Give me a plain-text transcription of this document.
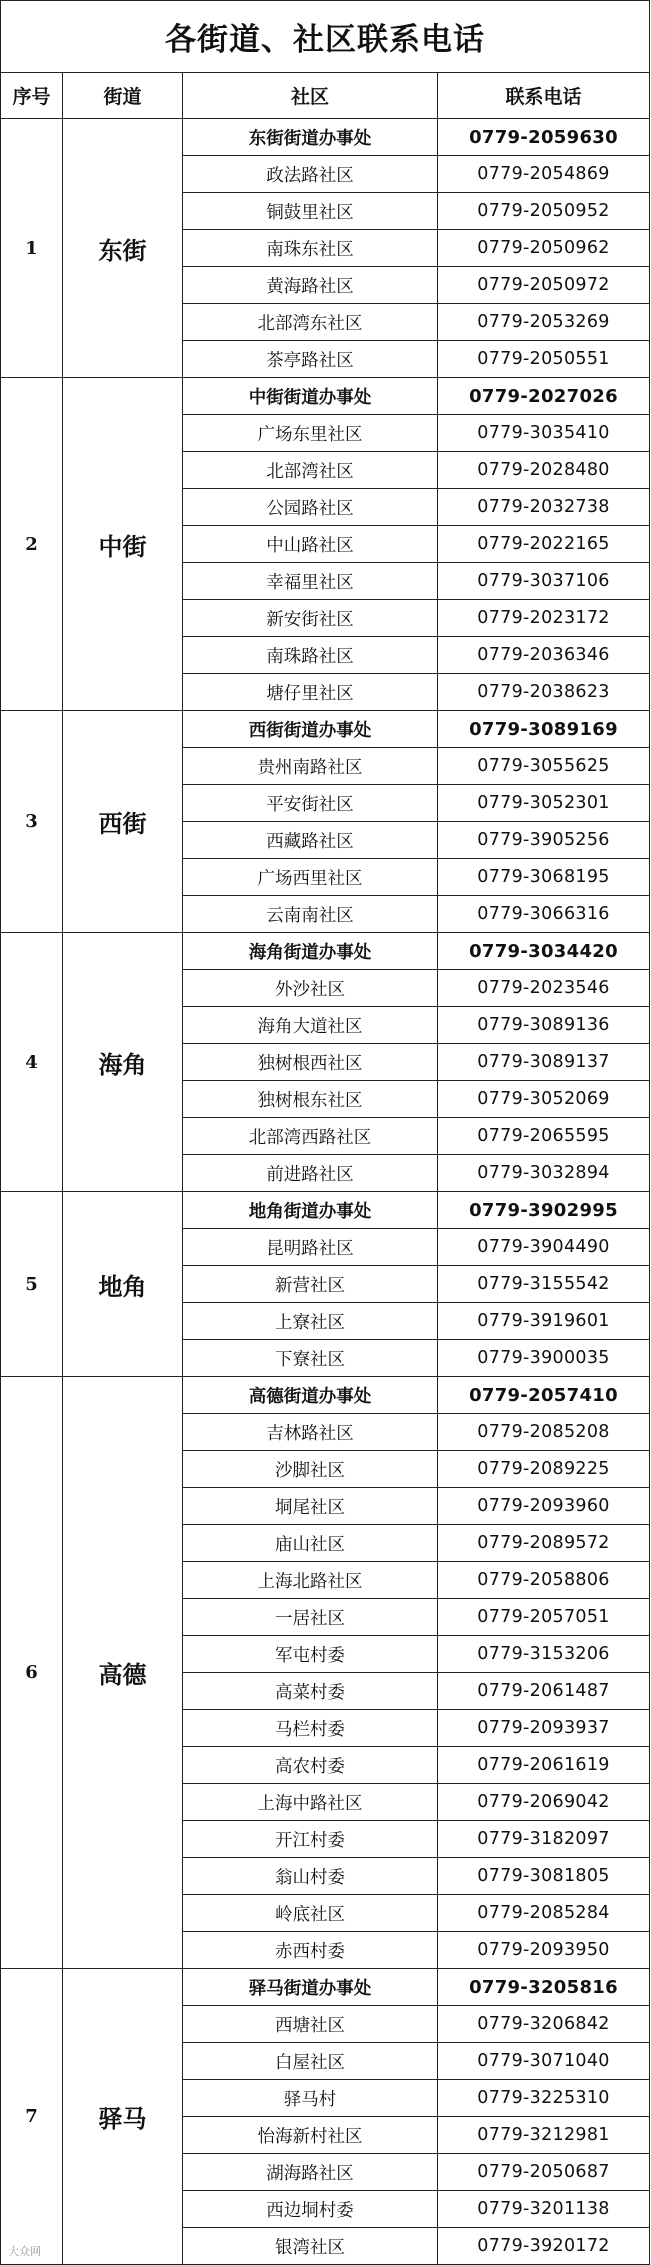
各街道、社区联系电话			
序号	街道	社区	联系电话
1	东街	东街街道办事处	0779-2059630
		政法路社区	0779-2054869
		铜鼓里社区	0779-2050952
		南珠东社区	0779-2050962
		黄海路社区	0779-2050972
		北部湾东社区	0779-2053269
		茶亭路社区	0779-2050551
2	中街	中街街道办事处	0779-2027026
		广场东里社区	0779-3035410
		北部湾社区	0779-2028480
		公园路社区	0779-2032738
		中山路社区	0779-2022165
		幸福里社区	0779-3037106
		新安街社区	0779-2023172
		南珠路社区	0779-2036346
		塘仔里社区	0779-2038623
3	西街	西街街道办事处	0779-3089169
		贵州南路社区	0779-3055625
		平安街社区	0779-3052301
		西藏路社区	0779-3905256
		广场西里社区	0779-3068195
		云南南社区	0779-3066316
4	海角	海角街道办事处	0779-3034420
		外沙社区	0779-2023546
		海角大道社区	0779-3089136
		独树根西社区	0779-3089137
		独树根东社区	0779-3052069
		北部湾西路社区	0779-2065595
		前进路社区	0779-3032894
5	地角	地角街道办事处	0779-3902995
		昆明路社区	0779-3904490
		新营社区	0779-3155542
		上寮社区	0779-3919601
		下寮社区	0779-3900035
6	高德	高德街道办事处	0779-2057410
		吉林路社区	0779-2085208
		沙脚社区	0779-2089225
		垌尾社区	0779-2093960
		庙山社区	0779-2089572
		上海北路社区	0779-2058806
		一居社区	0779-2057051
		军屯村委	0779-3153206
		高菜村委	0779-2061487
		马栏村委	0779-2093937
		高农村委	0779-2061619
		上海中路社区	0779-2069042
		开江村委	0779-3182097
		翁山村委	0779-3081805
		岭底社区	0779-2085284
		赤西村委	0779-2093950
7	驿马	驿马街道办事处	0779-3205816
		西塘社区	0779-3206842
		白屋社区	0779-3071040
		驿马村	0779-3225310
		怡海新村社区	0779-3212981
		湖海路社区	0779-2050687
		西边垌村委	0779-3201138
		银湾社区	0779-3920172
大众网
